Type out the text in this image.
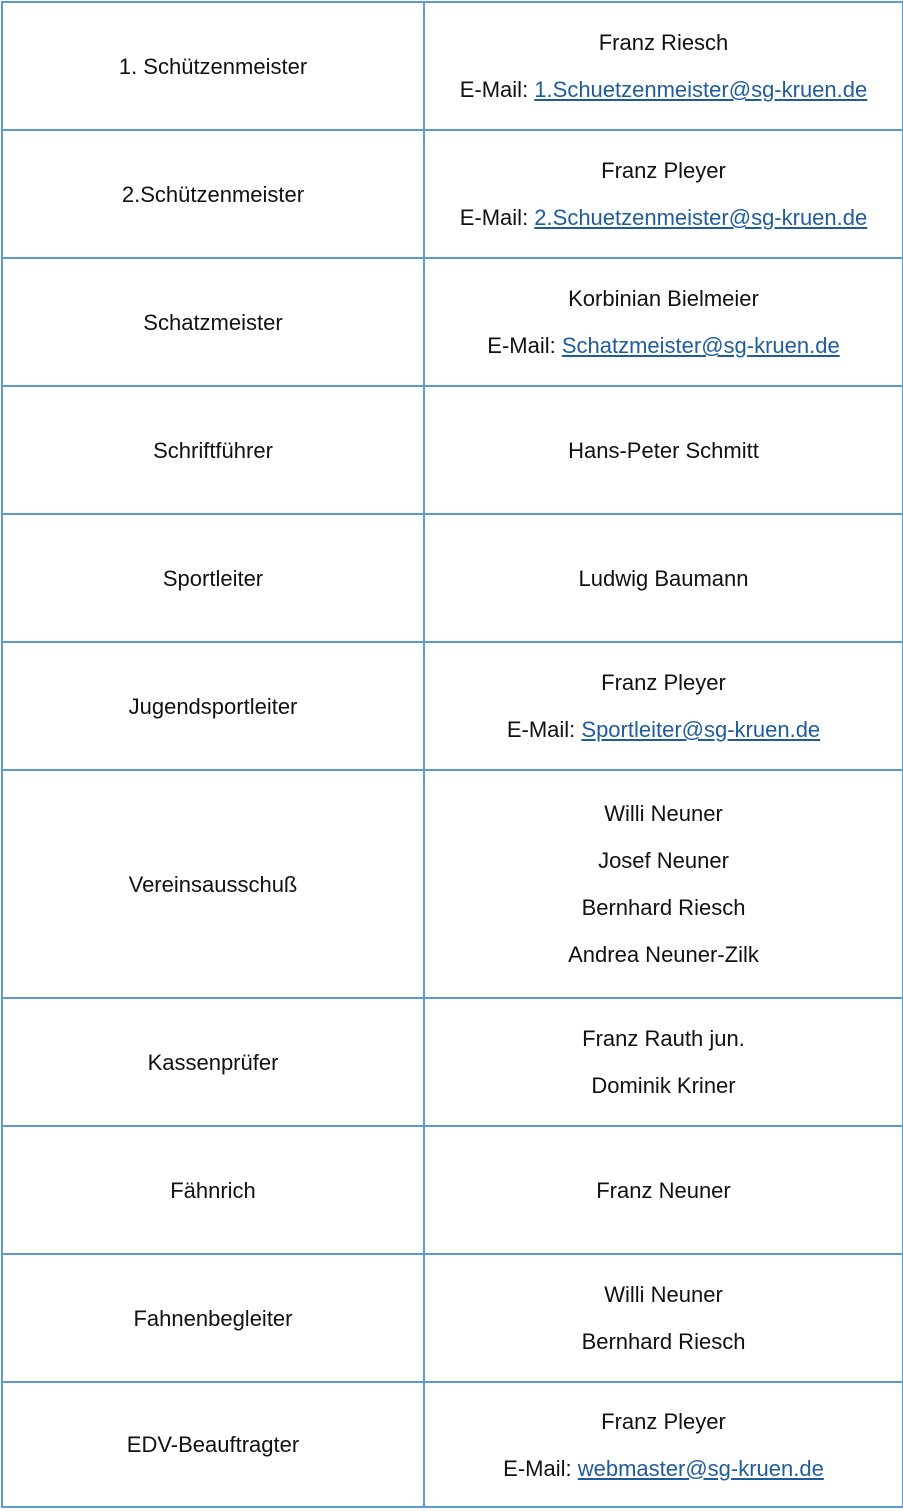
1. Schützenmeister	Franz Riesch
E-Mail: 1.Schuetzenmeister@sg-kruen.de

2.Schützenmeister	Franz Pleyer
E-Mail: 2.Schuetzenmeister@sg-kruen.de

Schatzmeister	Korbinian Bielmeier
E-Mail: Schatzmeister@sg-kruen.de

Schriftführer	Hans-Peter Schmitt

Sportleiter	Ludwig Baumann

Jugendsportleiter	Franz Pleyer
E-Mail: Sportleiter@sg-kruen.de

Vereinsausschuß	Willi Neuner
Josef Neuner
Bernhard Riesch
Andrea Neuner-Zilk

Kassenprüfer	Franz Rauth jun.
Dominik Kriner

Fähnrich	Franz Neuner

Fahnenbegleiter	Willi Neuner
Bernhard Riesch

EDV-Beauftragter	Franz Pleyer
E-Mail: webmaster@sg-kruen.de
